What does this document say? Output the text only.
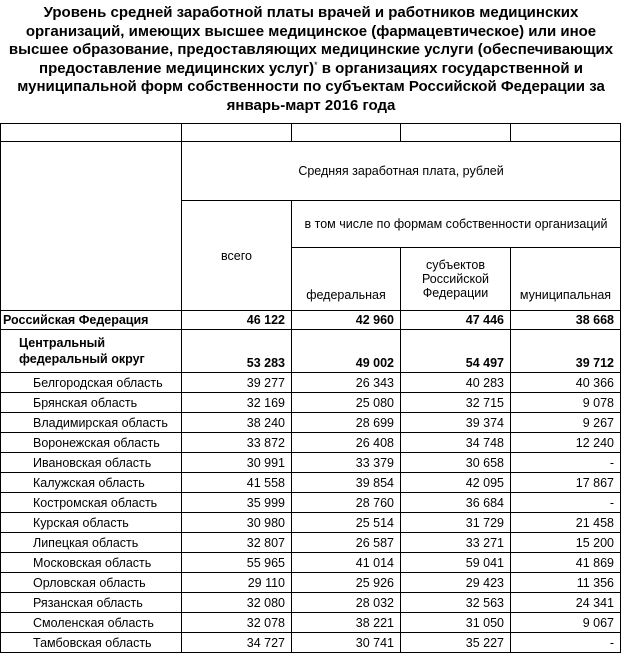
Уровень средней заработной платы врачей и работников медицинских организаций, имеющих высшее медицинское (фармацевтическое) или иное высшее образование, предоставляющих медицинские услуги (обеспечивающих предоставление медицинских услуг)* в организациях государственной и муниципальной форм собственности по субъектам Российской Федерации за январь-март 2016 года

	Средняя заработная плата, рублей			
	всего	в том числе по формам собственности организаций		
		федеральная	субъектов Российской Федерации	муниципальная
Российская Федерация	46 122	42 960	47 446	38 668
Центральный федеральный округ	53 283	49 002	54 497	39 712
Белгородская область	39 277	26 343	40 283	40 366
Брянская область	32 169	25 080	32 715	9 078
Владимирская область	38 240	28 699	39 374	9 267
Воронежская область	33 872	26 408	34 748	12 240
Ивановская область	30 991	33 379	30 658	-
Калужская область	41 558	39 854	42 095	17 867
Костромская область	35 999	28 760	36 684	-
Курская область	30 980	25 514	31 729	21 458
Липецкая область	32 807	26 587	33 271	15 200
Московская область	55 965	41 014	59 041	41 869
Орловская область	29 110	25 926	29 423	11 356
Рязанская область	32 080	28 032	32 563	24 341
Смоленская область	32 078	38 221	31 050	9 067
Тамбовская область	34 727	30 741	35 227	-
